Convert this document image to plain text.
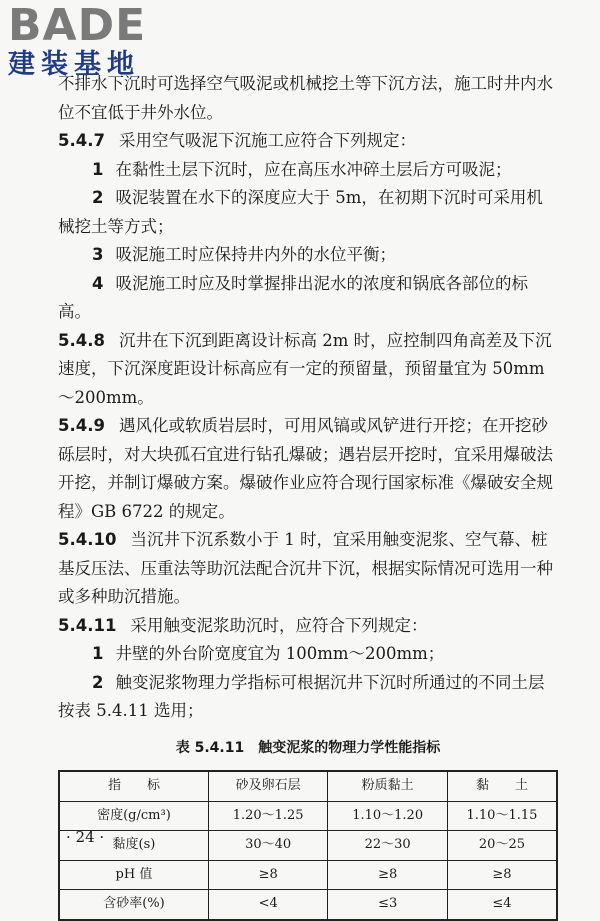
BADE
建装基地

不排水下沉时可选择空气吸泥或机械挖土等下沉方法，施工时井内水位不宜低于井外水位。

5.4.7 采用空气吸泥下沉施工应符合下列规定：

1 在黏性土层下沉时，应在高压水冲碎土层后方可吸泥；

2 吸泥装置在水下的深度应大于 5m，在初期下沉时可采用机械挖土等方式；

3 吸泥施工时应保持井内外的水位平衡；

4 吸泥施工时应及时掌握排出泥水的浓度和锅底各部位的标高。

5.4.8 沉井在下沉到距离设计标高 2m 时，应控制四角高差及下沉速度，下沉深度距设计标高应有一定的预留量，预留量宜为 50mm～200mm。

5.4.9 遇风化或软质岩层时，可用风镐或风铲进行开挖；在开挖砂砾层时，对大块孤石宜进行钻孔爆破；遇岩层开挖时，宜采用爆破法开挖，并制订爆破方案。爆破作业应符合现行国家标准《爆破安全规程》GB 6722 的规定。

5.4.10 当沉井下沉系数小于 1 时，宜采用触变泥浆、空气幕、桩基反压法、压重法等助沉法配合沉井下沉，根据实际情况可选用一种或多种助沉措施。

5.4.11 采用触变泥浆助沉时，应符合下列规定：

1 井壁的外台阶宽度宜为 100mm～200mm；

2 触变泥浆物理力学指标可根据沉井下沉时所通过的不同土层按表 5.4.11 选用；

表 5.4.11　触变泥浆的物理力学性能指标
指　　标	砂及卵石层	粉质黏土	黏　　土
密度(g/cm³)	1.20～1.25	1.10～1.20	1.10～1.15
黏度(s)	30～40	22～30	20～25
pH 值	≥8	≥8	≥8
含砂率(%)	<4	≤3	≤4
· 24 ·
